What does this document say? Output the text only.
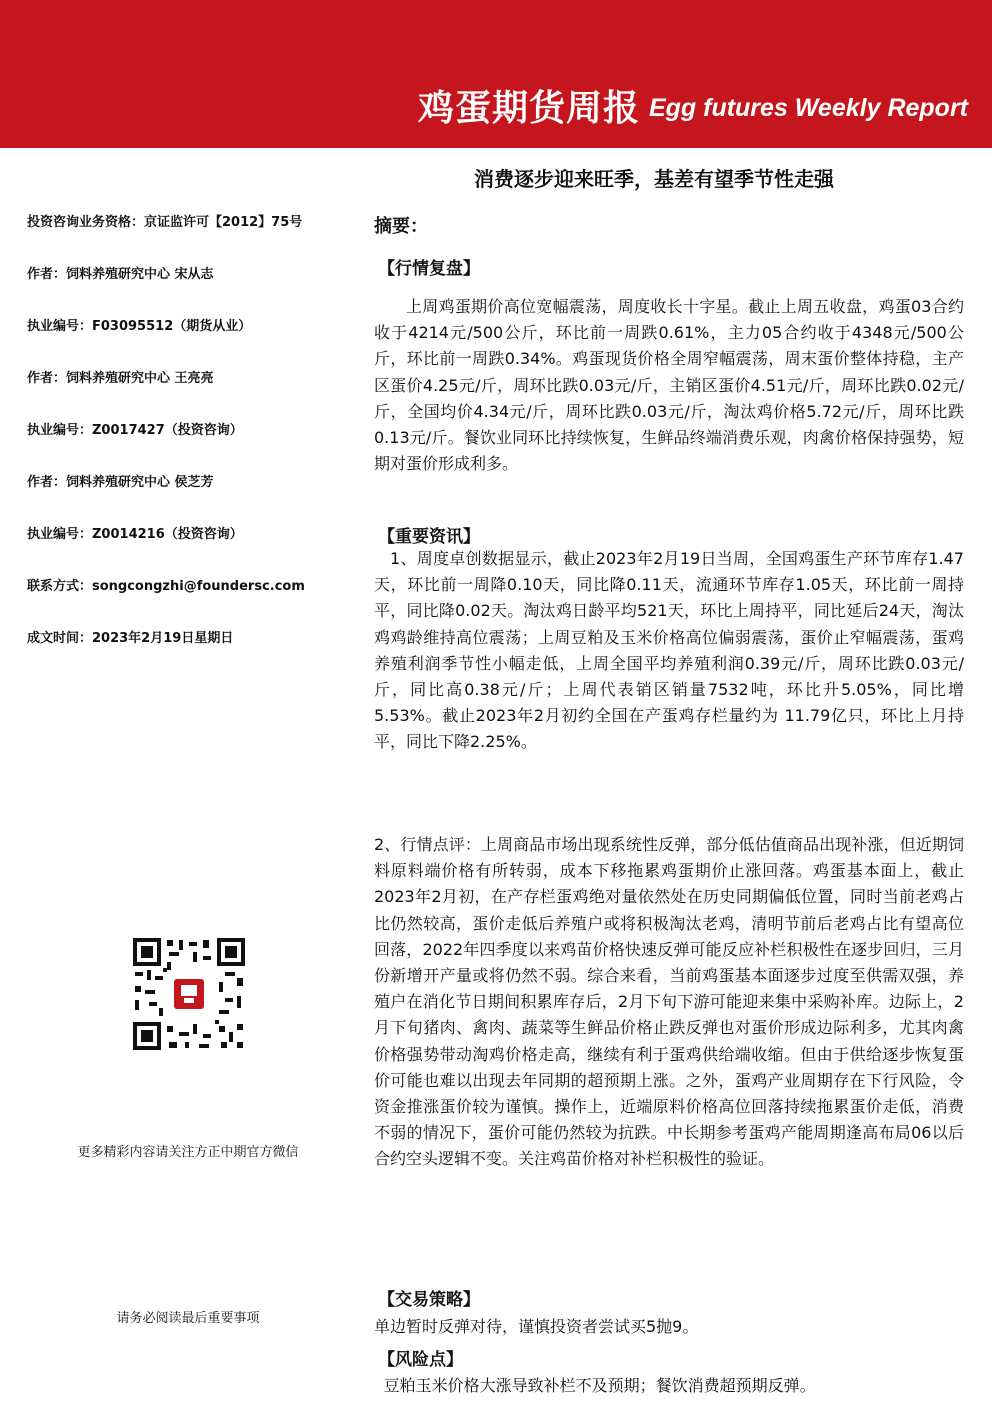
鸡蛋期货周报 Egg futures Weekly Report
消费逐步迎来旺季，基差有望季节性走强
投资咨询业务资格：京证监许可【2012】75号
作者：饲料养殖研究中心 宋从志
执业编号：F03095512（期货从业）
作者：饲料养殖研究中心 王亮亮
执业编号：Z0017427（投资咨询）
作者：饲料养殖研究中心 侯芝芳
执业编号：Z0014216（投资咨询）
联系方式：songcongzhi@foundersc.com
成文时间：2023年2月19日星期日
更多精彩内容请关注方正中期官方微信
请务必阅读最后重要事项
摘要：
【行情复盘】
上周鸡蛋期价高位宽幅震荡，周度收长十字星。截止上周五收盘，鸡蛋03合约收于4214元/500公斤，环比前一周跌0.61%，主力05合约收于4348元/500公斤，环比前一周跌0.34%。鸡蛋现货价格全周窄幅震荡，周末蛋价整体持稳，主产区蛋价4.25元/斤，周环比跌0.03元/斤，主销区蛋价4.51元/斤，周环比跌0.02元/斤，全国均价4.34元/斤，周环比跌0.03元/斤，淘汰鸡价格5.72元/斤，周环比跌0.13元/斤。餐饮业同环比持续恢复，生鲜品终端消费乐观，肉禽价格保持强势，短期对蛋价形成利多。
【重要资讯】
1、周度卓创数据显示，截止2023年2月19日当周，全国鸡蛋生产环节库存1.47天，环比前一周降0.10天，同比降0.11天，流通环节库存1.05天，环比前一周持平，同比降0.02天。淘汰鸡日龄平均521天，环比上周持平，同比延后24天，淘汰鸡鸡龄维持高位震荡；上周豆粕及玉米价格高位偏弱震荡，蛋价止窄幅震荡，蛋鸡养殖利润季节性小幅走低，上周全国平均养殖利润0.39元/斤，周环比跌0.03元/斤，同比高0.38元/斤；上周代表销区销量7532吨，环比升5.05%，同比增5.53%。截止2023年2月初约全国在产蛋鸡存栏量约为 11.79亿只，环比上月持平，同比下降2.25%。
2、行情点评：上周商品市场出现系统性反弹，部分低估值商品出现补涨，但近期饲料原料端价格有所转弱，成本下移拖累鸡蛋期价止涨回落。鸡蛋基本面上，截止2023年2月初，在产存栏蛋鸡绝对量依然处在历史同期偏低位置，同时当前老鸡占比仍然较高，蛋价走低后养殖户或将积极淘汰老鸡，清明节前后老鸡占比有望高位回落，2022年四季度以来鸡苗价格快速反弹可能反应补栏积极性在逐步回归，三月份新增开产量或将仍然不弱。综合来看，当前鸡蛋基本面逐步过度至供需双强，养殖户在消化节日期间积累库存后，2月下旬下游可能迎来集中采购补库。边际上，2月下旬猪肉、禽肉、蔬菜等生鲜品价格止跌反弹也对蛋价形成边际利多，尤其肉禽价格强势带动淘鸡价格走高，继续有利于蛋鸡供给端收缩。但由于供给逐步恢复蛋价可能也难以出现去年同期的超预期上涨。之外，蛋鸡产业周期存在下行风险，令资金推涨蛋价较为谨慎。操作上，近端原料价格高位回落持续拖累蛋价走低，消费不弱的情况下，蛋价可能仍然较为抗跌。中长期参考蛋鸡产能周期逢高布局06以后合约空头逻辑不变。关注鸡苗价格对补栏积极性的验证。
【交易策略】
单边暂时反弹对待，谨慎投资者尝试买5抛9。
【风险点】
豆粕玉米价格大涨导致补栏不及预期；餐饮消费超预期反弹。
